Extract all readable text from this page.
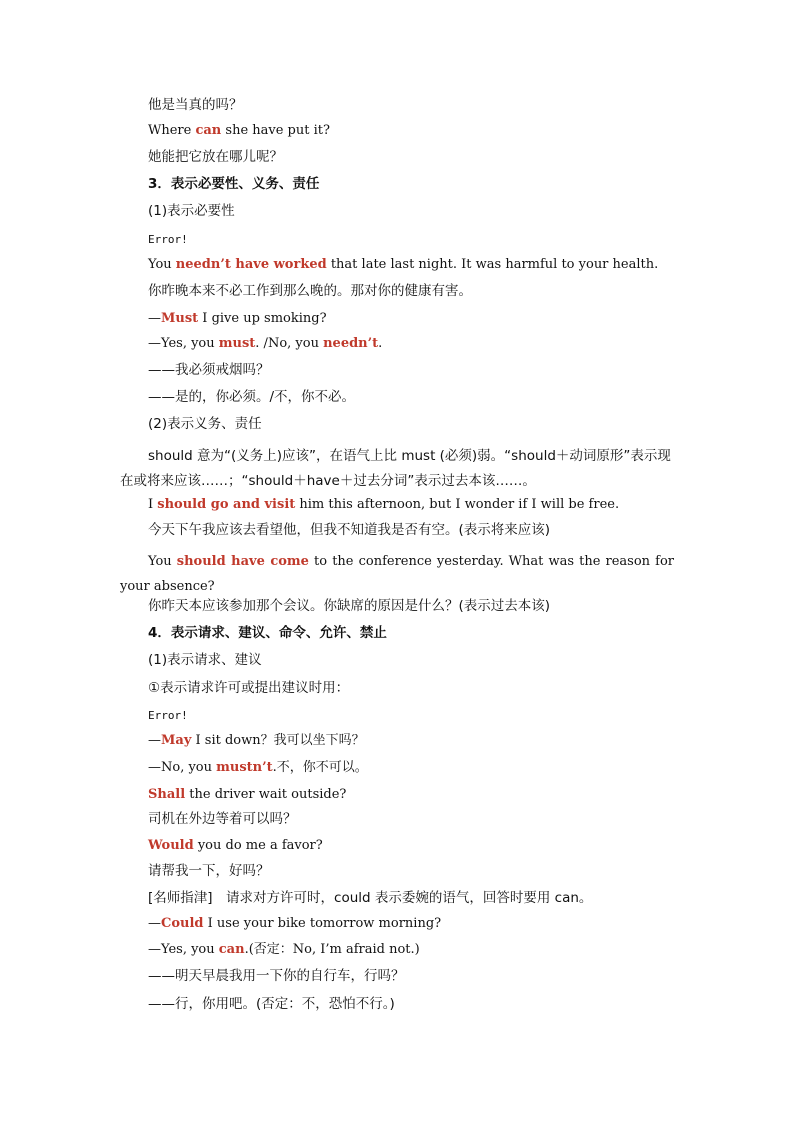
他是当真的吗？
Where can she have put it?
她能把它放在哪儿呢？
3．表示必要性、义务、责任
(1)表示必要性
Error!
You needn’t have worked that late last night. It was harmful to your health.
你昨晚本来不必工作到那么晚的。那对你的健康有害。
—Must I give up smoking?
—Yes, you must. /No, you needn’t.
——我必须戒烟吗？
——是的，你必须。/不，你不必。
(2)表示义务、责任
should 意为“(义务上)应该”，在语气上比 must (必须)弱。“should＋动词原形”表示现在或将来应该……；“should＋have＋过去分词”表示过去本该……。
I should go and visit him this afternoon, but I wonder if I will be free.
今天下午我应该去看望他，但我不知道我是否有空。(表示将来应该)
You should have come to the conference yesterday. What was the reason for your absence?
你昨天本应该参加那个会议。你缺席的原因是什么？(表示过去本该)
4．表示请求、建议、命令、允许、禁止
(1)表示请求、建议
①表示请求许可或提出建议时用：
Error!
—May I sit down？我可以坐下吗？
—No, you mustn’t.不，你不可以。
Shall the driver wait outside?
司机在外边等着可以吗？
Would you do me a favor?
请帮我一下，好吗？
[名师指津]　请求对方许可时，could 表示委婉的语气，回答时要用 can。
—Could I use your bike tomorrow morning?
—Yes, you can.(否定：No, I’m afraid not.)
——明天早晨我用一下你的自行车，行吗？
——行，你用吧。(否定：不，恐怕不行。)
